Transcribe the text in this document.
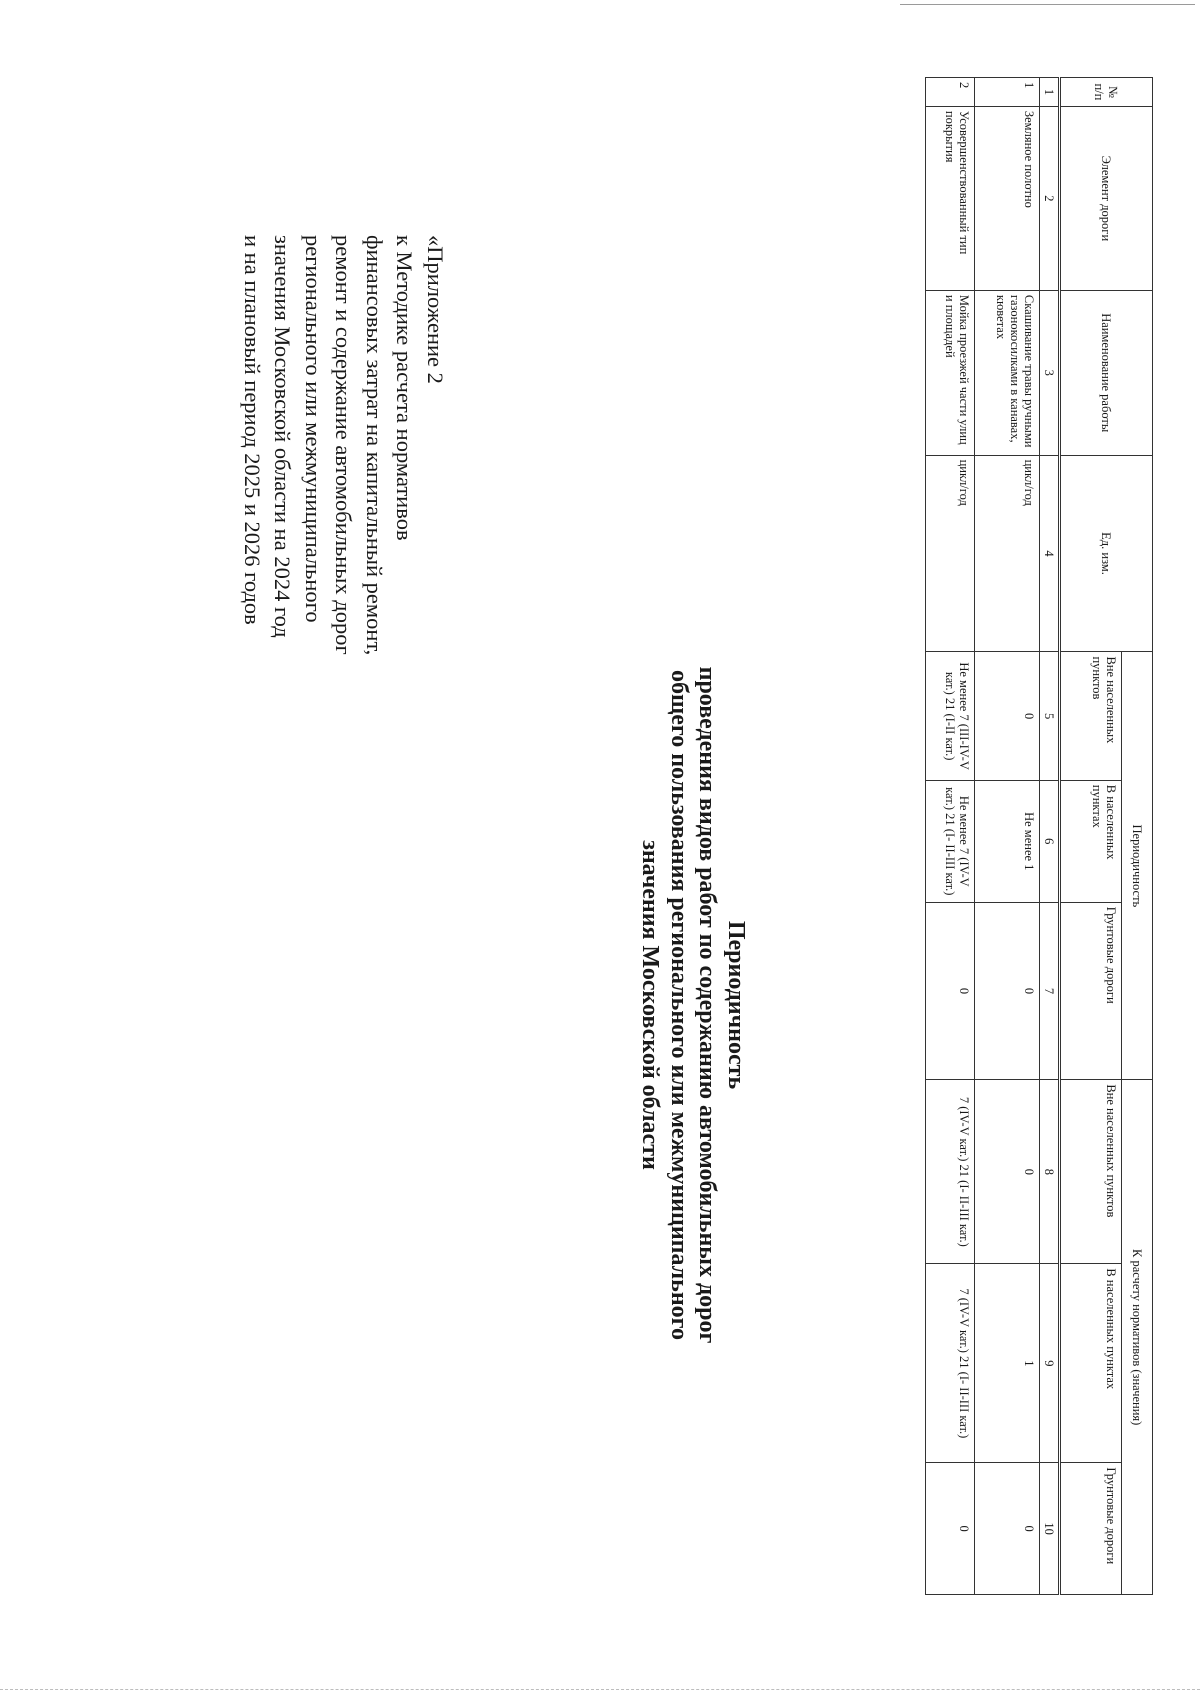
«Приложение 2
к Методике расчета нормативов
финансовых затрат на капитальный ремонт,
ремонт и содержание автомобильных дорог
регионального или межмуниципального
значения Московской области на 2024 год
и на плановый период 2025 и 2026 годов
Периодичность
проведения видов работ по содержанию автомобильных дорог
общего пользования регионального или межмуниципального
значения Московской области
№ п/п	Элемент дороги	Наименование работы	Ед. изм.	Периодичность			К расчету нормативов (значения)		
				Вне населенных пунктов	В населенных пунктах	Грунтовые дороги	Вне населенных пунктов	В населенных пунктах	Грунтовые дороги
1	2	3	4	5	6	7	8	9	10
1	Земляное полотно	Скашивание травы ручными газонокосилками в канавах, кюветах	цикл/год	0	Не менее 1	0	0	1	0
2	Усовершенствованный тип покрытия	Мойка проезжей части улиц и площадей	цикл/год	Не менее 7 (III-IV-V кат.) 21 (I-II кат.)	Не менее 7 (IV-V кат.) 21 (I- II-III кат.)	0	7 (IV-V кат.) 21 (I- II-III кат.)	7 (IV-V кат.) 21 (I- II-III кат.)	0
